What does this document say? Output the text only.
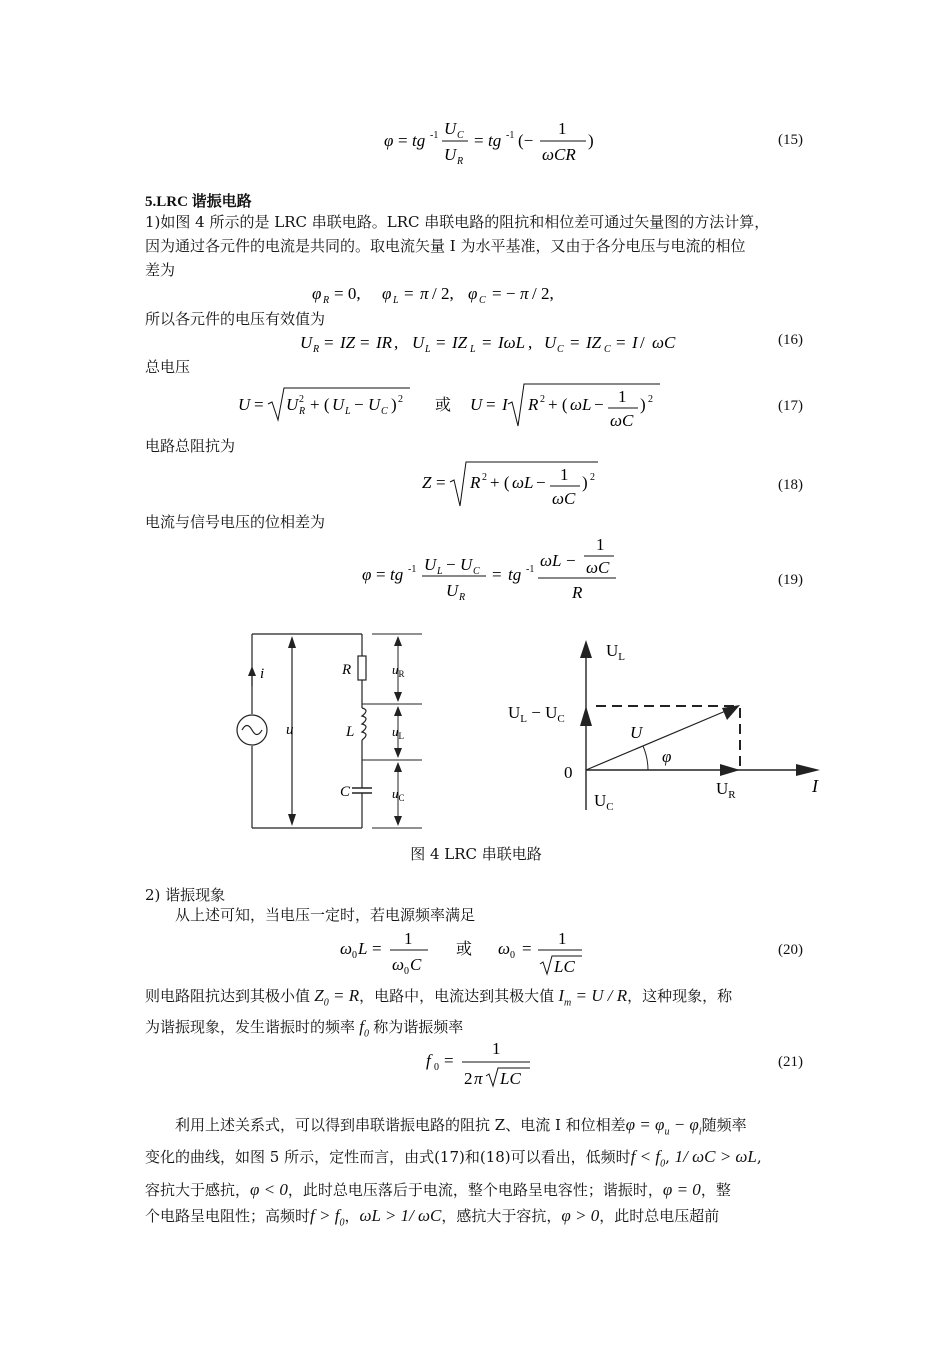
φ = tg -1 U C
U R
= tg -1 (−
1
ωCR
)	(15)
5.LRC 谐振电路
1)如图 4 所示的是 LRC 串联电路。LRC 串联电路的阻抗和相位差可通过矢量图的方法计算，
因为通过各元件的电流是共同的。取电流矢量 I 为水平基准，又由于各分电压与电流的相位
差为
φ R = 0, φ L = π / 2, φ C = − π / 2,
所以各元件的电压有效值为
U R = IZ = IR , U L = IZ L = IωL , U C = IZ C = I / ωC	(16)
总电压
U = U 2
R + ( U L − U C ) 2 或 U = I R 2 + ( ωL − 1
ωC
) 2	(17)
电路总阻抗为
Z = R 2 + ( ωL − 1
ωC
) 2	(18)
电流与信号电压的位相差为
φ = tg -1 U L − U C
U R
= tg -1 ωL −
1
ωC
R
(19)
i
u
R
L
C
$u_R$
$u_L$
$u_C$
$U_L$
$U_L - U_C$
U
φ
0
$U_R$
$U_C$
I
图 4 LRC 串联电路
2) 谐振现象
从上述可知，当电压一定时，若电源频率满足
ω 0 L =
1
ω 0 C
或 ω 0 =
1
LC
(20)
则电路阻抗达到其极小值 $Z_0 = R$，电路中，电流达到其极大值 $I_m = U / R$，这种现象，称
为谐振现象，发生谐振时的频率 $f_0$ 称为谐振频率
f 0 =
1
2 π LC
(21)
利用上述关系式，可以得到串联谐振电路的阻抗 Z、电流 I 和位相差$\varphi = \varphi_u - \varphi_i$随频率
变化的曲线，如图 5 所示，定性而言，由式(17)和(18)可以看出，低频时$f < f_0$, 1/ ωC > ωL,
容抗大于感抗，φ < 0，此时总电压落后于电流，整个电路呈电容性；谐振时，φ = 0，整
个电路呈电阻性；高频时$f > f_0$，ωL > 1/ ωC，感抗大于容抗，φ > 0，此时总电压超前
